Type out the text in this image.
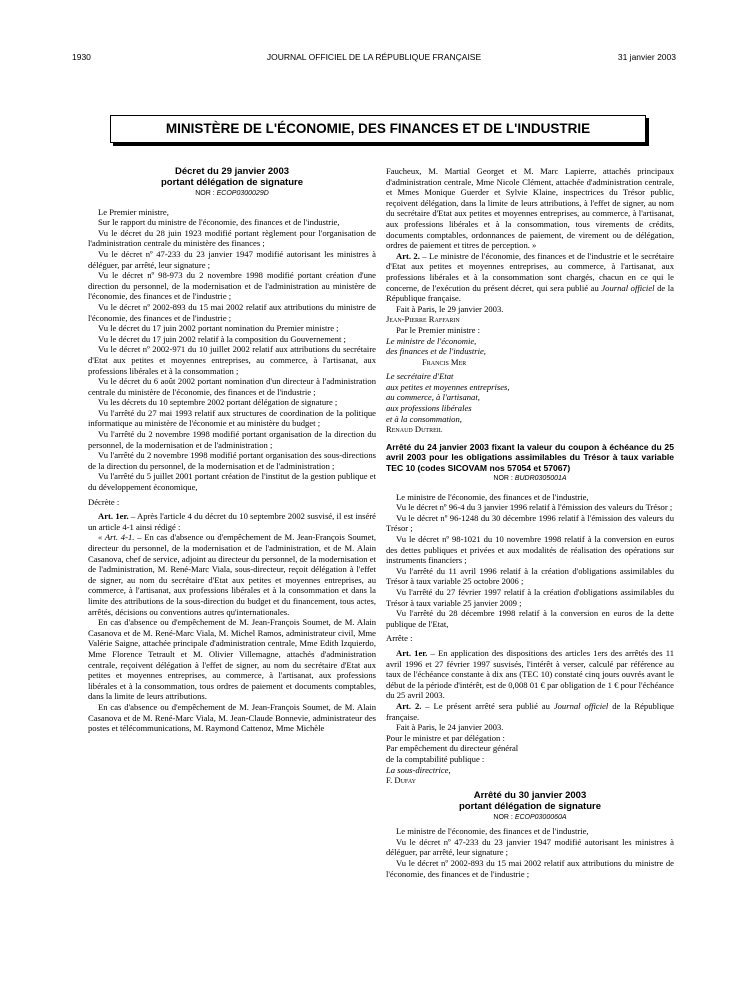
1930	JOURNAL OFFICIEL DE LA RÉPUBLIQUE FRANÇAISE	31 janvier 2003
MINISTÈRE DE L'ÉCONOMIE, DES FINANCES ET DE L'INDUSTRIE
Décret du 29 janvier 2003
portant délégation de signature
NOR : ECOP0300029D

Le Premier ministre,

Sur le rapport du ministre de l'économie, des finances et de l'industrie,

Vu le décret du 28 juin 1923 modifié portant règlement pour l'organisation de l'administration centrale du ministère des finances ;

Vu le décret nº 47-233 du 23 janvier 1947 modifié autorisant les ministres à déléguer, par arrêté, leur signature ;

Vu le décret nº 98-973 du 2 novembre 1998 modifié portant création d'une direction du personnel, de la modernisation et de l'administration au ministère de l'économie, des finances et de l'industrie ;

Vu le décret nº 2002-893 du 15 mai 2002 relatif aux attributions du ministre de l'économie, des finances et de l'industrie ;

Vu le décret du 17 juin 2002 portant nomination du Premier ministre ;

Vu le décret du 17 juin 2002 relatif à la composition du Gouvernement ;

Vu le décret nº 2002-971 du 10 juillet 2002 relatif aux attributions du secrétaire d'Etat aux petites et moyennes entreprises, au commerce, à l'artisanat, aux professions libérales et à la consommation ;

Vu le décret du 6 août 2002 portant nomination d'un directeur à l'administration centrale du ministère de l'économie, des finances et de l'industrie ;

Vu les décrets du 10 septembre 2002 portant délégation de signature ;

Vu l'arrêté du 27 mai 1993 relatif aux structures de coordination de la politique informatique au ministère de l'économie et au ministère du budget ;

Vu l'arrêté du 2 novembre 1998 modifié portant organisation de la direction du personnel, de la modernisation et de l'administration ;

Vu l'arrêté du 2 novembre 1998 modifié portant organisation des sous-directions de la direction du personnel, de la modernisation et de l'administration ;

Vu l'arrêté du 5 juillet 2001 portant création de l'institut de la gestion publique et du développement économique,

Décrète :

Art. 1er. – Après l'article 4 du décret du 10 septembre 2002 susvisé, il est inséré un article 4-1 ainsi rédigé :

« Art. 4-1. – En cas d'absence ou d'empêchement de M. Jean-François Soumet, directeur du personnel, de la modernisation et de l'administration, et de M. Alain Casanova, chef de service, adjoint au directeur du personnel, de la modernisation et de l'administration, M. René-Marc Viala, sous-directeur, reçoit délégation à l'effet de signer, au nom du secrétaire d'Etat aux petites et moyennes entreprises, au commerce, à l'artisanat, aux professions libérales et à la consommation et dans la limite des attributions de la sous-direction du budget et du financement, tous actes, arrêtés, décisions ou conventions autres qu'internationales.

En cas d'absence ou d'empêchement de M. Jean-François Soumet, de M. Alain Casanova et de M. René-Marc Viala, M. Michel Ramos, administrateur civil, Mme Valérie Saigne, attachée principale d'administration centrale, Mme Edith Izquierdo, Mme Florence Tetrault et M. Olivier Villemagne, attachés d'administration centrale, reçoivent délégation à l'effet de signer, au nom du secrétaire d'Etat aux petites et moyennes entreprises, au commerce, à l'artisanat, aux professions libérales et à la consommation, tous ordres de paiement et documents comptables, dans la limite de leurs attributions.

En cas d'absence ou d'empêchement de M. Jean-François Soumet, de M. Alain Casanova et de M. René-Marc Viala, M. Jean-Claude Bonnevie, administrateur des postes et télécommunications, M. Raymond Cattenoz, Mme Michèle

Faucheux, M. Martial Georget et M. Marc Lapierre, attachés principaux d'administration centrale, Mme Nicole Clément, attachée d'administration centrale, et Mmes Monique Guerder et Sylvie Klaine, inspectrices du Trésor public, reçoivent délégation, dans la limite de leurs attributions, à l'effet de signer, au nom du secrétaire d'Etat aux petites et moyennes entreprises, au commerce, à l'artisanat, aux professions libérales et à la consommation, tous virements de crédits, documents comptables, ordonnances de paiement, de virement ou de délégation, ordres de paiement et titres de perception. »

Art. 2. – Le ministre de l'économie, des finances et de l'industrie et le secrétaire d'Etat aux petites et moyennes entreprises, au commerce, à l'artisanat, aux professions libérales et à la consommation sont chargés, chacun en ce qui le concerne, de l'exécution du présent décret, qui sera publié au Journal officiel de la République française.

Fait à Paris, le 29 janvier 2003.

Jean-Pierre Raffarin

Par le Premier ministre :

Le ministre de l'économie,

des finances et de l'industrie,

Francis Mer

Le secrétaire d'Etat

aux petites et moyennes entreprises,

au commerce, à l'artisanat,

aux professions libérales

et à la consommation,

Renaud Dutreil

Arrêté du 24 janvier 2003 fixant la valeur du coupon à échéance du 25 avril 2003 pour les obligations assimilables du Trésor à taux variable TEC 10 (codes SICOVAM nos 57054 et 57067)
NOR : BUDR0305001A

Le ministre de l'économie, des finances et de l'industrie,

Vu le décret nº 96-4 du 3 janvier 1996 relatif à l'émission des valeurs du Trésor ;

Vu le décret nº 96-1248 du 30 décembre 1996 relatif à l'émission des valeurs du Trésor ;

Vu le décret nº 98-1021 du 10 novembre 1998 relatif à la conversion en euros des dettes publiques et privées et aux modalités de réalisation des opérations sur instruments financiers ;

Vu l'arrêté du 11 avril 1996 relatif à la création d'obligations assimilables du Trésor à taux variable 25 octobre 2006 ;

Vu l'arrêté du 27 février 1997 relatif à la création d'obligations assimilables du Trésor à taux variable 25 janvier 2009 ;

Vu l'arrêté du 28 décembre 1998 relatif à la conversion en euros de la dette publique de l'Etat,

Arrête :

Art. 1er. – En application des dispositions des articles 1ers des arrêtés des 11 avril 1996 et 27 février 1997 susvisés, l'intérêt à verser, calculé par référence au taux de l'échéance constante à dix ans (TEC 10) constaté cinq jours ouvrés avant le début de la période d'intérêt, est de 0,008 01 € par obligation de 1 € pour l'échéance du 25 avril 2003.

Art. 2. – Le présent arrêté sera publié au Journal officiel de la République française.

Fait à Paris, le 24 janvier 2003.

Pour le ministre et par délégation :

Par empêchement du directeur général

de la comptabilité publique :

La sous-directrice,

F. Dufay

Arrêté du 30 janvier 2003
portant délégation de signature
NOR : ECOP0300060A

Le ministre de l'économie, des finances et de l'industrie,

Vu le décret nº 47-233 du 23 janvier 1947 modifié autorisant les ministres à déléguer, par arrêté, leur signature ;

Vu le décret nº 2002-893 du 15 mai 2002 relatif aux attributions du ministre de l'économie, des finances et de l'industrie ;
